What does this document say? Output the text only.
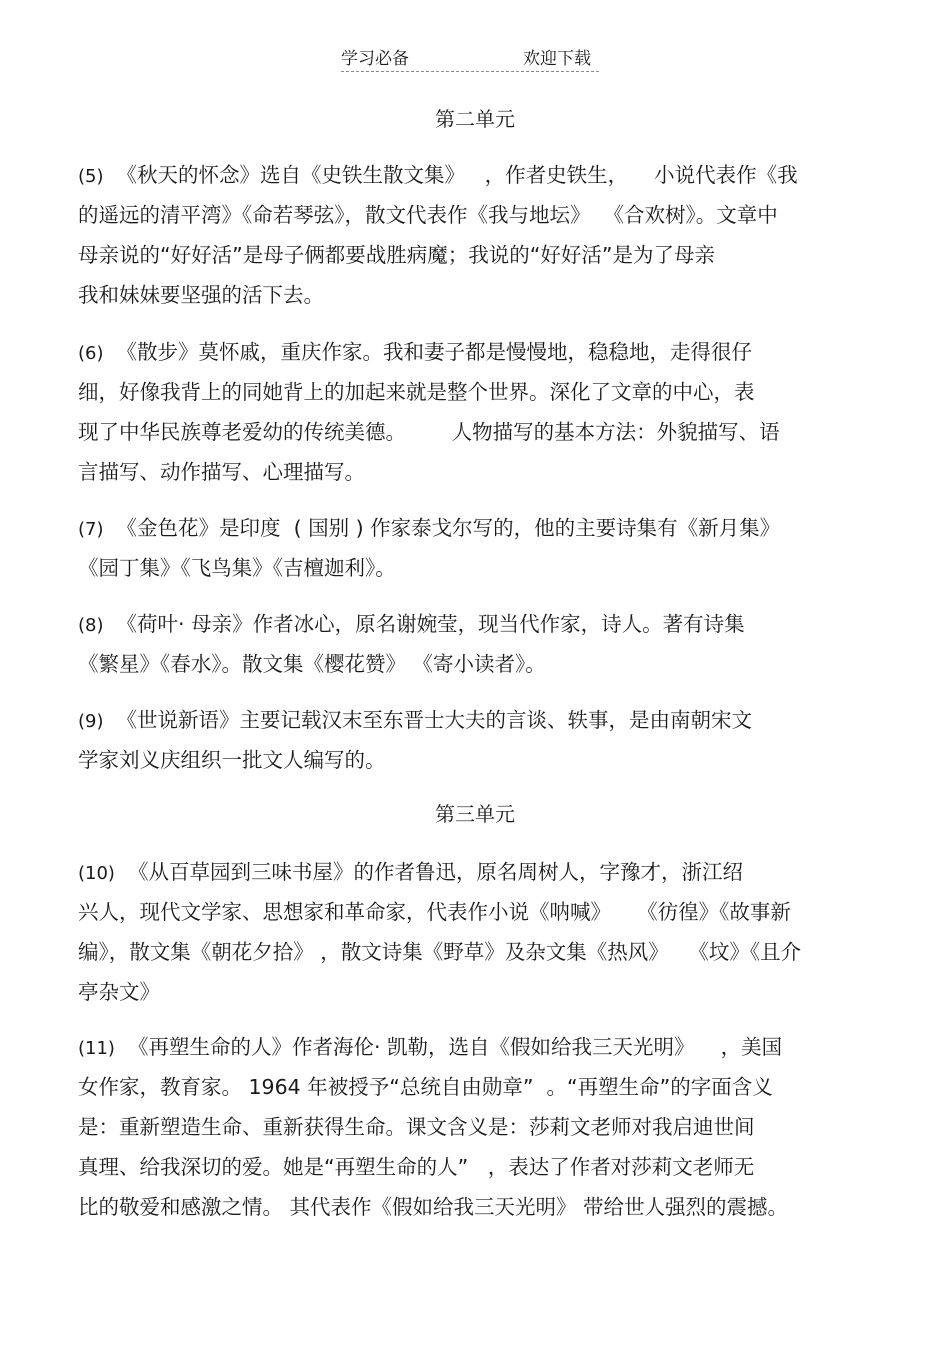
学习必备	欢迎下载
第二单元
(5)  《秋天的怀念》选自《史铁生散文集》   ，作者史铁生，    小说代表作《我
的遥远的清平湾》《命若琴弦》，散文代表作《我与地坛》  《合欢树》。文章中
母亲说的“好好活”是母子俩都要战胜病魔；我说的“好好活”是为了母亲
我和妹妹要坚强的活下去。
(6)  《散步》莫怀戚，重庆作家。我和妻子都是慢慢地，稳稳地，走得很仔
细，好像我背上的同她背上的加起来就是整个世界。深化了文章的中心，表
现了中华民族尊老爱幼的传统美德。       人物描写的基本方法：外貌描写、语
言描写、动作描写、心理描写。
(7)  《金色花》是印度  ( 国别 ) 作家泰戈尔写的，他的主要诗集有《新月集》
《园丁集》《飞鸟集》《吉檀迦利》。
(8)  《荷叶· 母亲》作者冰心，原名谢婉莹，现当代作家，诗人。著有诗集
《繁星》《春水》。散文集《樱花赞》 《寄小读者》。
(9)  《世说新语》主要记载汉末至东晋士大夫的言谈、轶事，是由南朝宋文
学家刘义庆组织一批文人编写的。
第三单元
(10)  《从百草园到三味书屋》的作者鲁迅，原名周树人，字豫才，浙江绍
兴人，现代文学家、思想家和革命家，代表作小说《呐喊》    《彷徨》《故事新
编》，散文集《朝花夕拾》 ，散文诗集《野草》及杂文集《热风》   《坟》《且介
亭杂文》
(11)  《再塑生命的人》作者海伦· 凯勒，选自《假如给我三天光明》    ，美国
女作家，教育家。 1964 年被授予“总统自由勋章”  。“再塑生命”的字面含义
是：重新塑造生命、重新获得生命。课文含义是：莎莉文老师对我启迪世间
真理、给我深切的爱。她是“再塑生命的人”   ，表达了作者对莎莉文老师无
比的敬爱和感激之情。 其代表作《假如给我三天光明》 带给世人强烈的震撼。
